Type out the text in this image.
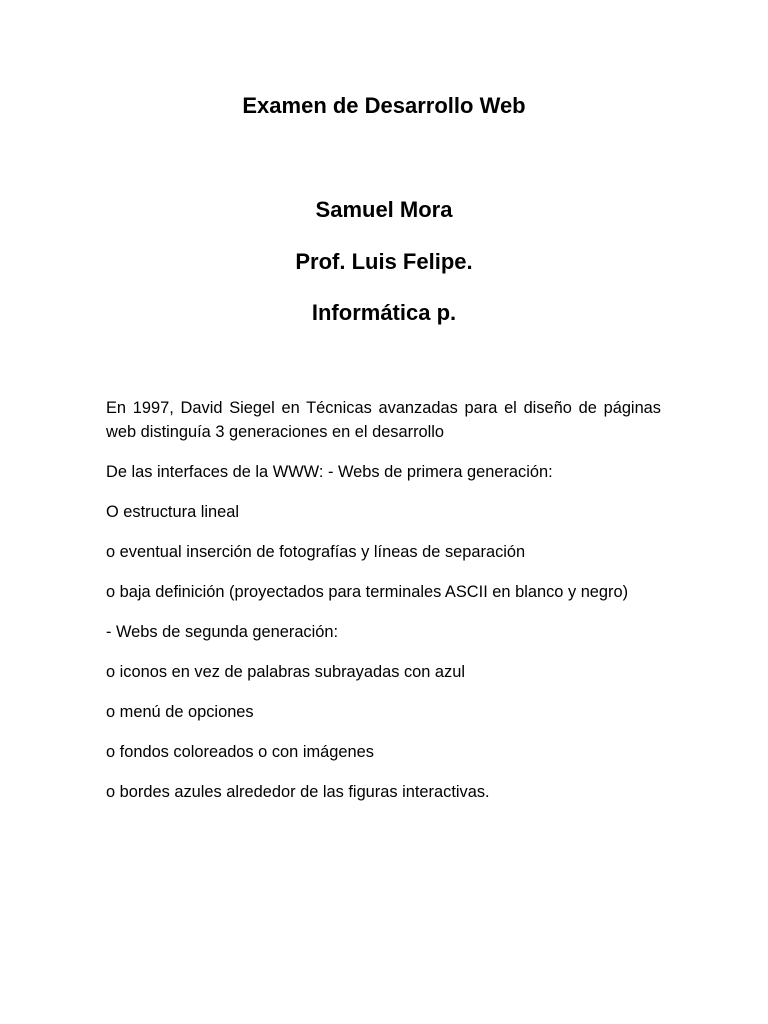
Examen de Desarrollo Web
Samuel Mora
Prof. Luis Felipe.
Informática p.

En 1997, David Siegel en Técnicas avanzadas para el diseño de páginas web distinguía 3 generaciones en el desarrollo

De las interfaces de la WWW: - Webs de primera generación:

O estructura lineal

o eventual inserción de fotografías y líneas de separación

o baja definición (proyectados para terminales ASCII en blanco y negro)

- Webs de segunda generación:

o iconos en vez de palabras subrayadas con azul

o menú de opciones

o fondos coloreados o con imágenes

o bordes azules alrededor de las figuras interactivas.
